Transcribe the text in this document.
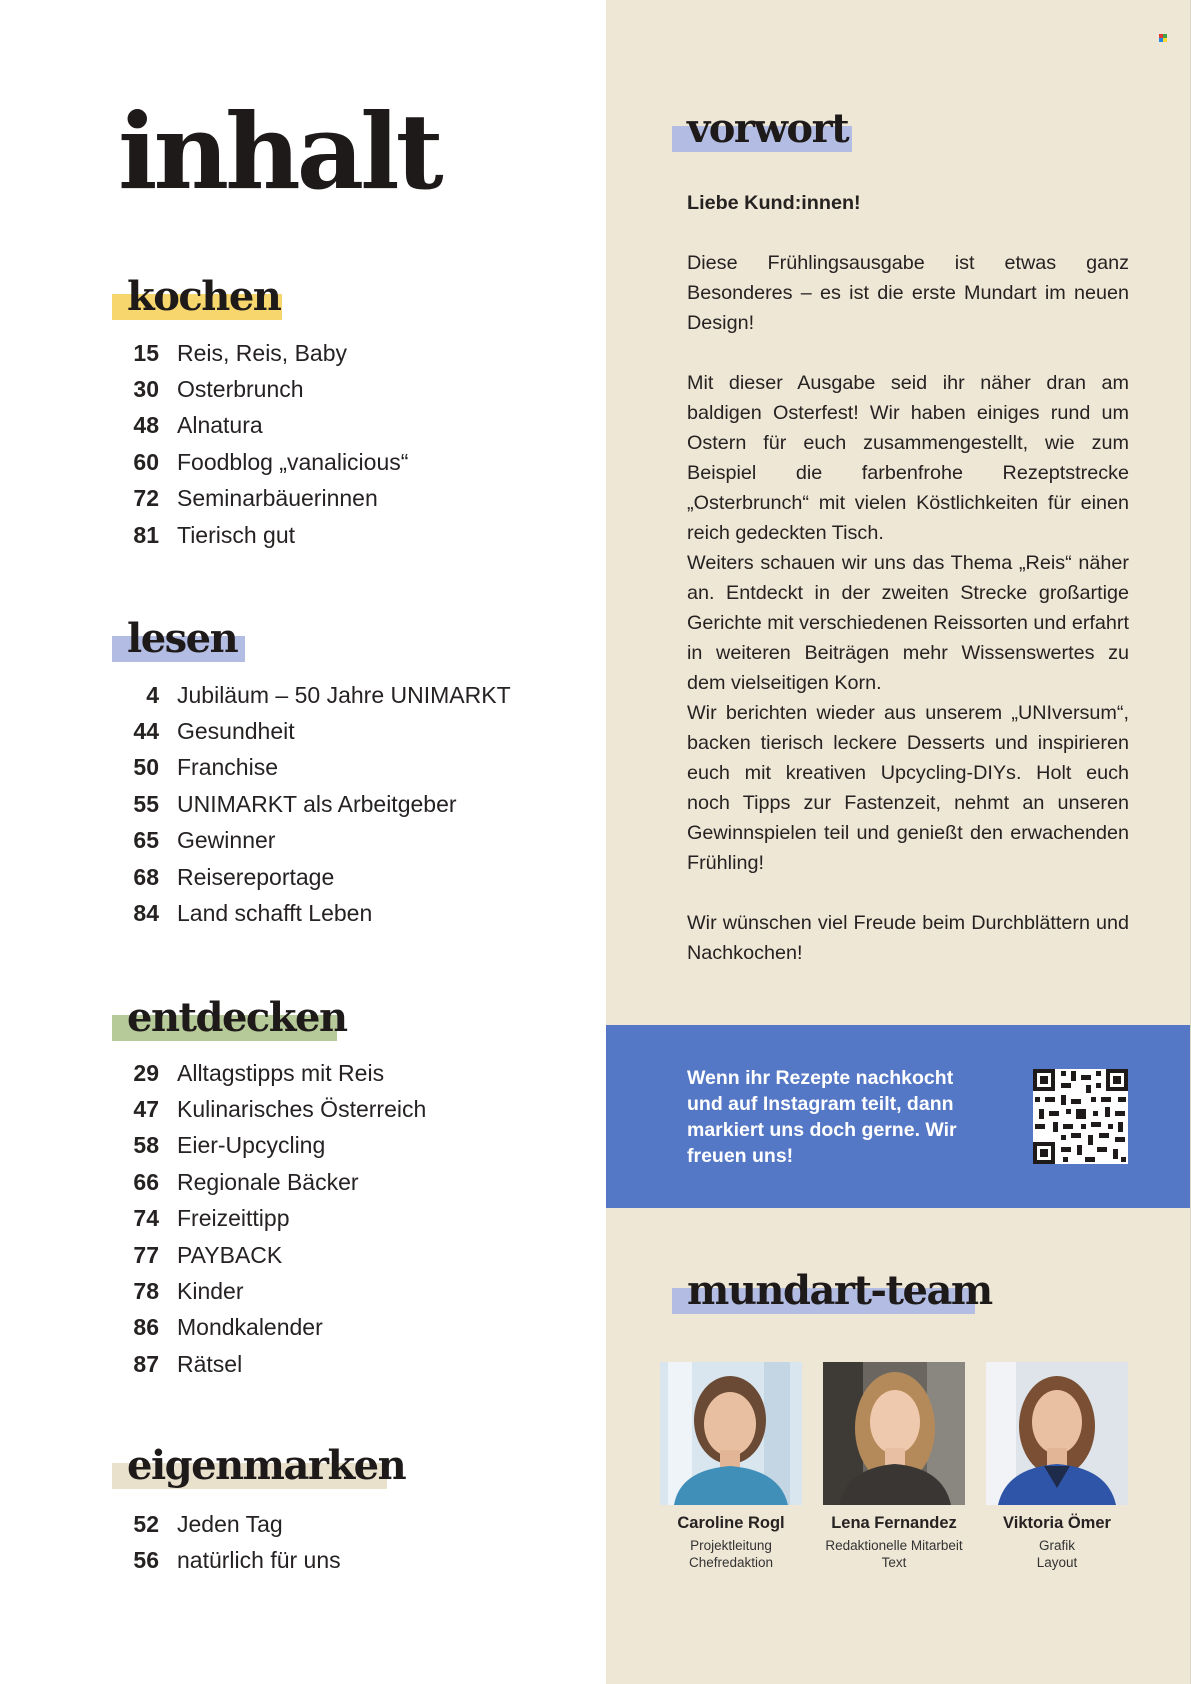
inhalt
kochen
15 Reis, Reis, Baby
30 Osterbrunch
48 Alnatura
60 Foodblog „vanalicious“
72 Seminarbäuerinnen
81 Tierisch gut
lesen
4 Jubiläum – 50 Jahre UNIMARKT
44 Gesundheit
50 Franchise
55 UNIMARKT als Arbeitgeber
65 Gewinner
68 Reisereportage
84 Land schafft Leben
entdecken
29 Alltagstipps mit Reis
47 Kulinarisches Österreich
58 Eier-Upcycling
66 Regionale Bäcker
74 Freizeittipp
77 PAYBACK
78 Kinder
86 Mondkalender
87 Rätsel
eigenmarken
52 Jeden Tag
56 natürlich für uns
vorwort

Liebe Kund:innen!

Diese Frühlingsausgabe ist etwas ganz Besonderes – es ist die erste Mundart im neuen Design!

Mit dieser Ausgabe seid ihr näher dran am baldigen Osterfest! Wir haben einiges rund um Ostern für euch zusammengestellt, wie zum Beispiel die farbenfrohe Rezeptstrecke „Osterbrunch“ mit vielen Köstlichkeiten für einen reich gedeckten Tisch.

Weiters schauen wir uns das Thema „Reis“ näher an. Entdeckt in der zweiten Strecke großartige Gerichte mit verschiedenen Reissorten und erfahrt in weiteren Beiträgen mehr Wissenswertes zu dem vielseitigen Korn.

Wir berichten wieder aus unserem „UNIversum“, backen tierisch leckere Desserts und inspirieren euch mit kreativen Upcycling-DIYs. Holt euch noch Tipps zur Fastenzeit, nehmt an unseren Gewinnspielen teil und genießt den erwachenden Frühling!

Wir wünschen viel Freude beim Durchblättern und Nachkochen!

Wenn ihr Rezepte nachkocht und auf Instagram teilt, dann markiert uns doch gerne. Wir freuen uns!

mundart-team
Caroline Rogl
Projektleitung
Chefredaktion
Lena Fernandez
Redaktionelle Mitarbeit
Text
Viktoria Ömer
Grafik
Layout
